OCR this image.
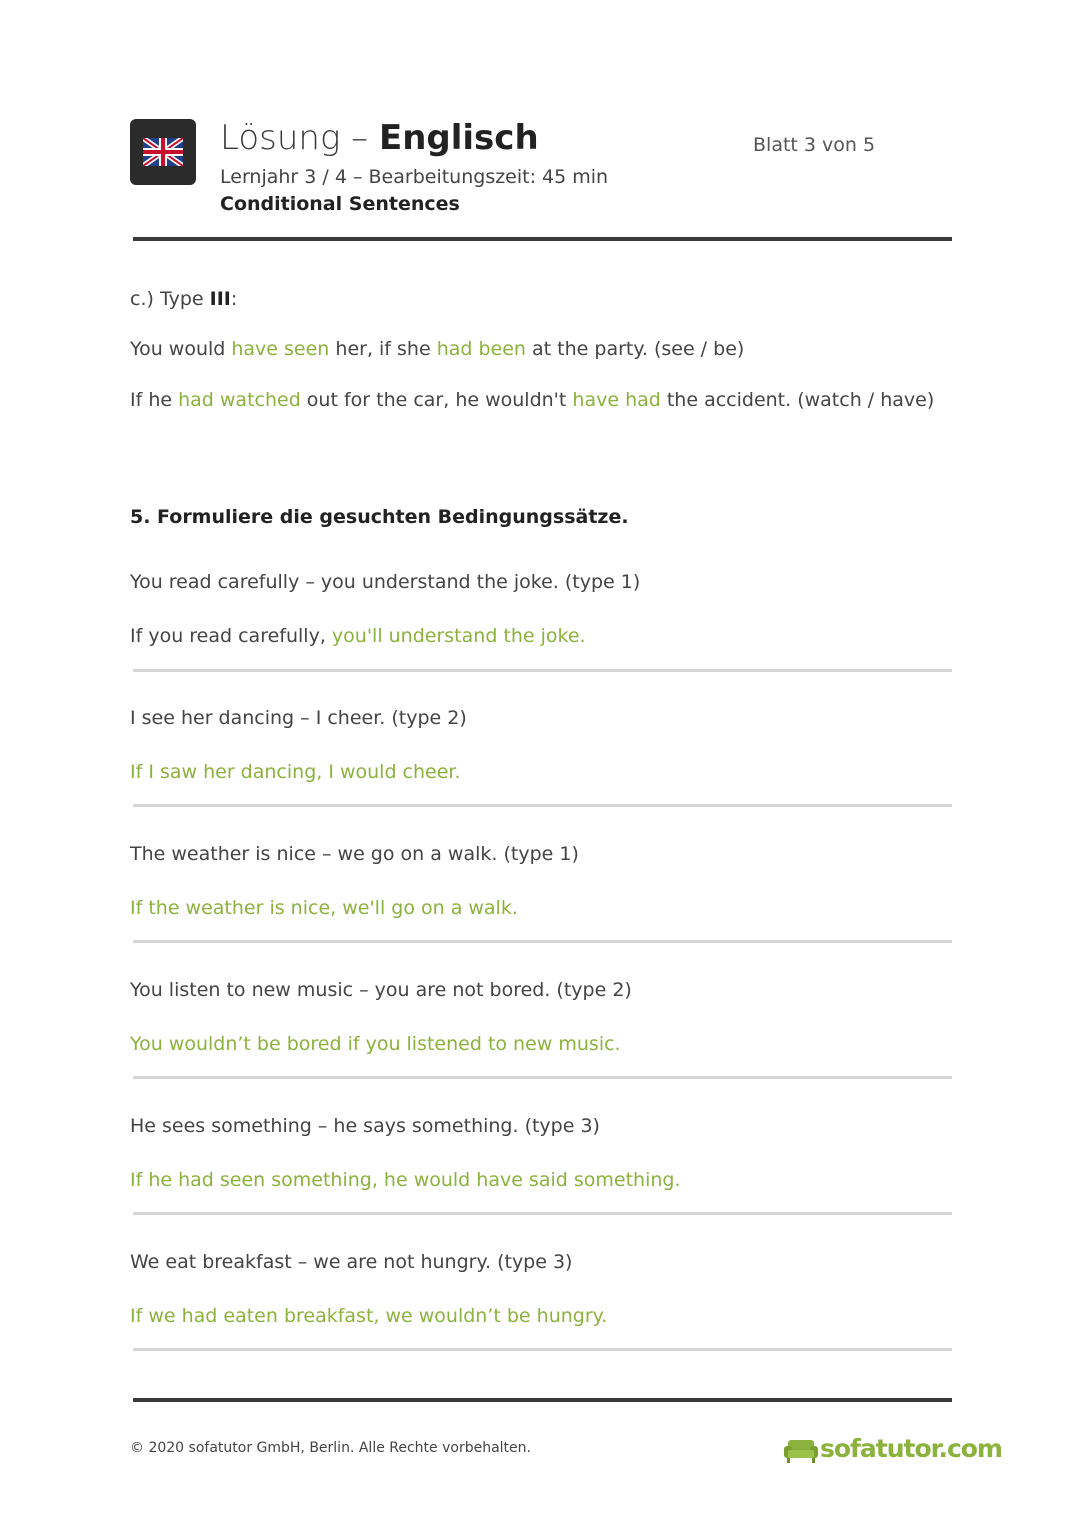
Lösung – Englisch	Blatt 3 von 5
Lernjahr 3 / 4 – Bearbeitungszeit: 45 min
Conditional Sentences
c.) Type III:
You would have seen her, if she had been at the party. (see / be)
If he had watched out for the car, he wouldn't have had the accident. (watch / have)
5. Formuliere die gesuchten Bedingungssätze.
You read carefully – you understand the joke. (type 1)
If you read carefully, you'll understand the joke.
I see her dancing – I cheer. (type 2)
If I saw her dancing, I would cheer.
The weather is nice – we go on a walk. (type 1)
If the weather is nice, we'll go on a walk.
You listen to new music – you are not bored. (type 2)
You wouldn’t be bored if you listened to new music.
He sees something – he says something. (type 3)
If he had seen something, he would have said something.
We eat breakfast – we are not hungry. (type 3)
If we had eaten breakfast, we wouldn’t be hungry.
© 2020 sofatutor GmbH, Berlin. Alle Rechte vorbehalten.	sofatutor.com
